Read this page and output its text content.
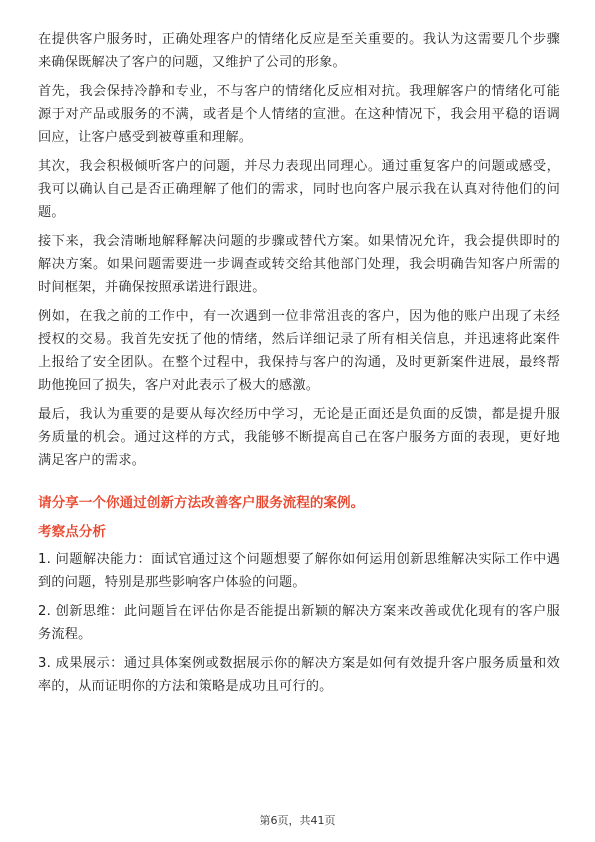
在提供客户服务时，正确处理客户的情绪化反应是至关重要的。我认为这需要几个步骤来确保既解决了客户的问题，又维护了公司的形象。

首先，我会保持冷静和专业，不与客户的情绪化反应相对抗。我理解客户的情绪化可能源于对产品或服务的不满，或者是个人情绪的宣泄。在这种情况下，我会用平稳的语调回应，让客户感受到被尊重和理解。

其次，我会积极倾听客户的问题，并尽力表现出同理心。通过重复客户的问题或感受，我可以确认自己是否正确理解了他们的需求，同时也向客户展示我在认真对待他们的问题。

接下来，我会清晰地解释解决问题的步骤或替代方案。如果情况允许，我会提供即时的解决方案。如果问题需要进一步调查或转交给其他部门处理，我会明确告知客户所需的时间框架，并确保按照承诺进行跟进。

例如，在我之前的工作中，有一次遇到一位非常沮丧的客户，因为他的账户出现了未经授权的交易。我首先安抚了他的情绪，然后详细记录了所有相关信息，并迅速将此案件上报给了安全团队。在整个过程中，我保持与客户的沟通，及时更新案件进展，最终帮助他挽回了损失，客户对此表示了极大的感激。

最后，我认为重要的是要从每次经历中学习，无论是正面还是负面的反馈，都是提升服务质量的机会。通过这样的方式，我能够不断提高自己在客户服务方面的表现，更好地满足客户的需求。

请分享一个你通过创新方法改善客户服务流程的案例。

考察点分析

1. 问题解决能力：面试官通过这个问题想要了解你如何运用创新思维解决实际工作中遇到的问题，特别是那些影响客户体验的问题。

2. 创新思维：此问题旨在评估你是否能提出新颖的解决方案来改善或优化现有的客户服务流程。

3. 成果展示：通过具体案例或数据展示你的解决方案是如何有效提升客户服务质量和效率的，从而证明你的方法和策略是成功且可行的。

第6页，共41页
